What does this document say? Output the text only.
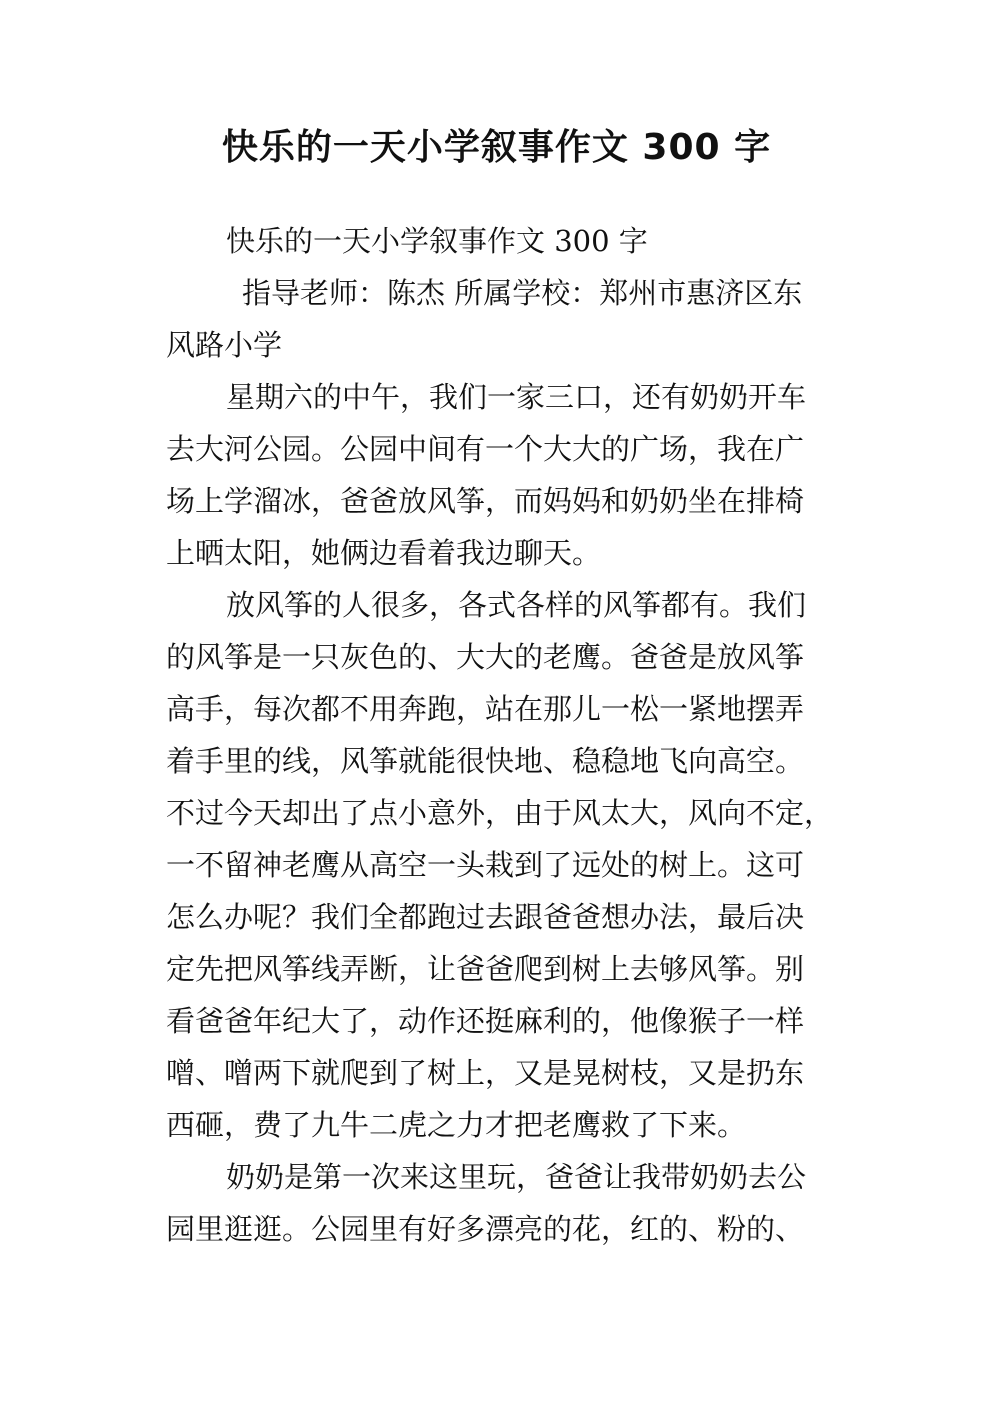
快乐的一天小学叙事作文 300 字
快乐的一天小学叙事作文 300 字
指导老师：陈杰 所属学校：郑州市惠济区东
风路小学
星期六的中午，我们一家三口，还有奶奶开车
去大河公园。公园中间有一个大大的广场，我在广
场上学溜冰，爸爸放风筝，而妈妈和奶奶坐在排椅
上晒太阳，她俩边看着我边聊天。
放风筝的人很多，各式各样的风筝都有。我们
的风筝是一只灰色的、大大的老鹰。爸爸是放风筝
高手，每次都不用奔跑，站在那儿一松一紧地摆弄
着手里的线，风筝就能很快地、稳稳地飞向高空。
不过今天却出了点小意外，由于风太大，风向不定，
一不留神老鹰从高空一头栽到了远处的树上。这可
怎么办呢？我们全都跑过去跟爸爸想办法，最后决
定先把风筝线弄断，让爸爸爬到树上去够风筝。别
看爸爸年纪大了，动作还挺麻利的，他像猴子一样
噌、噌两下就爬到了树上，又是晃树枝，又是扔东
西砸，费了九牛二虎之力才把老鹰救了下来。
奶奶是第一次来这里玩，爸爸让我带奶奶去公
园里逛逛。公园里有好多漂亮的花，红的、粉的、
